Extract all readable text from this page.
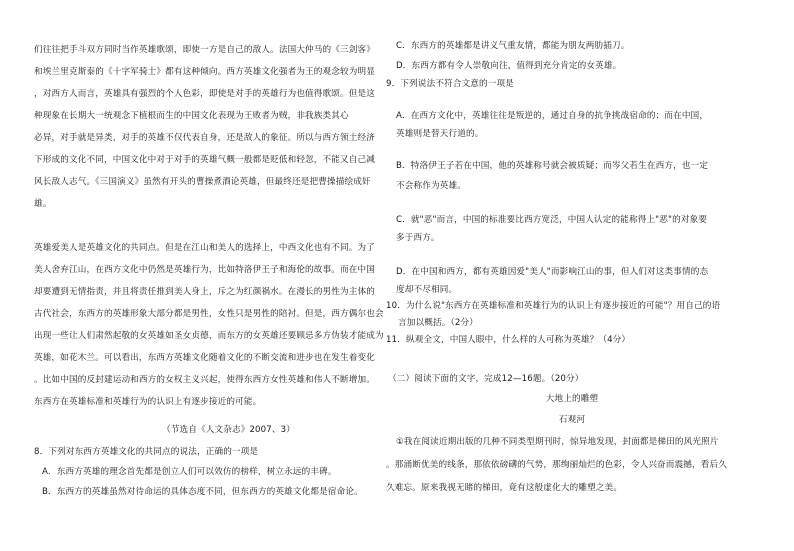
们往往把手斗双方同时当作英雄歌颂，即使一方是自己的敌人。法国大仲马的《三剑客》
和埃兰里克斯泰的《十字军骑士》都有这种倾向。西方英雄文化强者为王的观念较为明显
，对西方人而言，英雄具有强烈的个人色彩，即使是对手的英雄行为也值得歌颂。但是这
种现象在长期大一统观念下植根而生的中国文化表现为王败者为贼，非我族类其心
必异，对手就是异类，对手的英雄不仅代表自身，还是敌人的象征。所以与西方领土经济
下形成的文化不同，中国文化中对于对手的英雄气概一般都是贬低和轻忽，不能又自己减
风长敌人志气。《三国演义》虽然有开头的曹操煮酒论英雄，但最终还是把曹操描绘成奸
雄。
英雄爱美人是英雄文化的共同点。但是在江山和美人的选择上，中西文化也有不同。为了
美人舍弃江山，在西方文化中仍然是英雄行为，比如特洛伊王子和海伦的故事。而在中国
却要遭到无情指责，并且将责任推到美人身上，斥之为红颜祸水。在漫长的男性为主体的
古代社会，东西方的英雄形象大部分都是男性，女性只是男性的陪衬。但是，西方偶尔也会
出现一些让人们肃然起敬的女英雄如圣女贞德，而东方的女英雄还要顾忌多方伪装才能成为
英雄，如花木兰。可以看出，东西方英雄文化随着文化的不断交流和进步也在发生着变化
。比如中国的反封建运动和西方的女权主义兴起，使得东西方女性英雄和伟人不断增加。
东西方在英雄标准和英雄行为的认识上有逐步接近的可能。
（节选自《人文杂志》2007、3）
8．下列对东西方英雄文化的共同点的说法，正确的一项是
A．东西方英雄的理念首先都是创立人们可以效仿的榜样，树立永远的丰碑。
B．东西方的英雄虽然对待命运的具体态度不同，但东西方的英雄文化都是宿命论。
C．东西方的英雄都是讲义气重友情，都能为朋友两肋插刀。
D．东西方都有令人崇敬向往，值得到充分肯定的女英雄。
9．下列说法不符合文意的一项是
A．在西方文化中，英雄往往是叛逆的，通过自身的抗争挑战宿命的；而在中国，
英雄则是替天行道的。
B．特洛伊王子若在中国，他的英雄称号就会被质疑；而岑父若生在西方，也一定
不会称作为英雄。
C．就"恶"而言，中国的标准要比西方宽泛，中国人认定的能称得上"恶"的对象要
多于西方。
D．在中国和西方，都有英雄因爱"美人"而影响江山的事，但人们对这类事情的态
度却不尽相同。
10．为什么说"东西方在英雄标准和英雄行为的认识上有逐步接近的可能"？用自己的语
言加以概括。（2分）
11．纵观全文，中国人眼中，什么样的人可称为英雄？（4分）
（二）阅读下面的文字，完成12—16题。（20分）
大地上的雕塑
石观河
①我在阅读近期出版的几种不同类型期刊时，惊异地发现，封面都是梯田的风光照片
。那涌断优美的线条，那依依磅礴的气势，那绚丽灿烂的色彩，令人兴奋而震撼，看后久
久难忘。原来我视无睹的梯田，竟有这般虚化大的雕塑之美。
